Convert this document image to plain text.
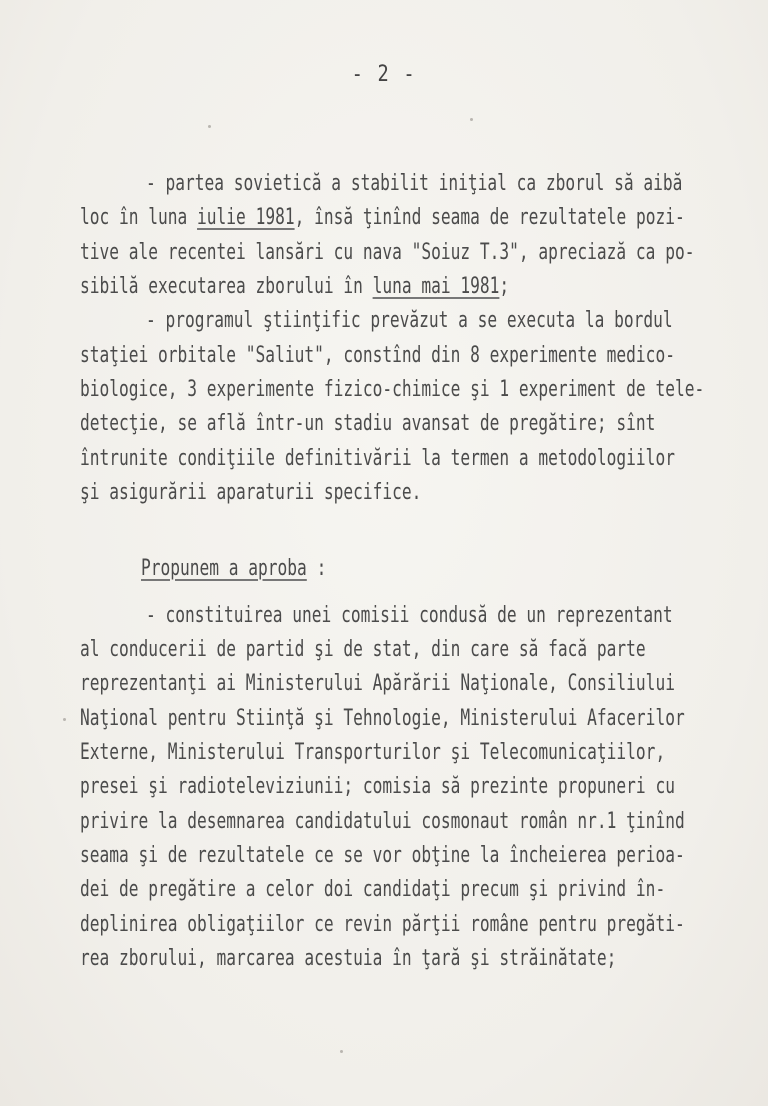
- 2 -
- partea sovietică a stabilit iniţial ca zborul să aibă
loc în luna iulie 1981, însă ţinînd seama de rezultatele pozi-
tive ale recentei lansări cu nava "Soiuz T.3", apreciază ca po-
sibilă executarea zborului în luna mai 1981;
- programul ştiinţific prevăzut a se executa la bordul
staţiei orbitale "Saliut", constînd din 8 experimente medico-
biologice, 3 experimente fizico-chimice şi 1 experiment de tele-
detecţie, se află într-un stadiu avansat de pregătire; sînt
întrunite condiţiile definitivării la termen a metodologiilor
şi asigurării aparaturii specifice.
Propunem a aproba :
- constituirea unei comisii condusă de un reprezentant
al conducerii de partid şi de stat, din care să facă parte
reprezentanţi ai Ministerului Apărării Naţionale, Consiliului
Naţional pentru Stiinţă şi Tehnologie, Ministerului Afacerilor
Externe, Ministerului Transporturilor şi Telecomunicaţiilor,
presei şi radioteleviziunii; comisia să prezinte propuneri cu
privire la desemnarea candidatului cosmonaut român nr.1 ţinînd
seama şi de rezultatele ce se vor obţine la încheierea perioa-
dei de pregătire a celor doi candidaţi precum şi privind în-
deplinirea obligaţiilor ce revin părţii române pentru pregăti-
rea zborului, marcarea acestuia în ţară şi străinătate;
